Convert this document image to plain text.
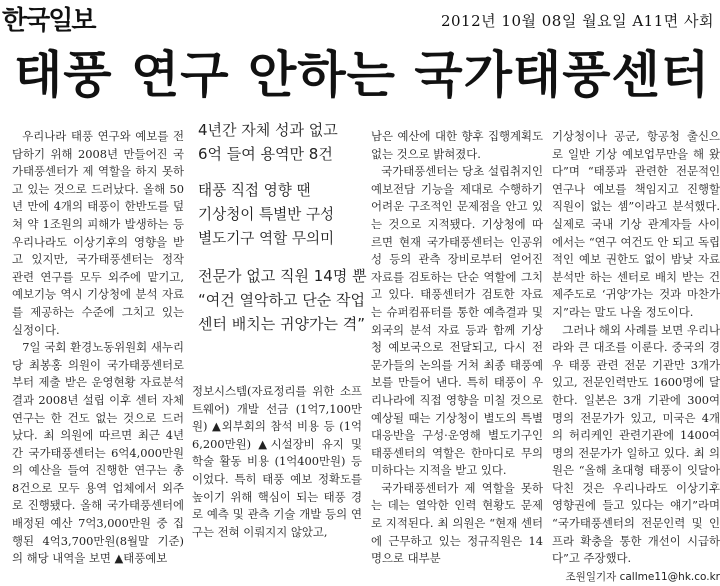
한국일보	2012년 10월 08일 월요일 A11면 사회
태풍 연구 안하는 국가태풍센터

우리나라 태풍 연구와 예보를 전담하기 위해 2008년 만들어진 국가태풍센터가 제 역할을 하지 못하고 있는 것으로 드러났다. 올해 50년 만에 4개의 태풍이 한반도를 덮쳐 약 1조원의 피해가 발생하는 등 우리나라도 이상기후의 영향을 받고 있지만, 국가태풍센터는 정작 관련 연구를 모두 외주에 맡기고, 예보기능 역시 기상청에 분석 자료를 제공하는 수준에 그치고 있는 실정이다.

7일 국회 환경노동위원회 새누리당 최봉홍 의원이 국가태풍센터로부터 제출 받은 운영현황 자료분석결과 2008년 설립 이후 센터 자체 연구는 한 건도 없는 것으로 드러났다. 최 의원에 따르면 최근 4년간 국가태풍센터는 6억4,000만원의 예산을 들여 진행한 연구는 총 8건으로 모두 용역 업체에서 외주로 진행됐다. 올해 국가태풍센터에 배정된 예산 7억3,000만원 중 집행된 4억3,700만원(8월말 기준)의 해당 내역을 보면 ▲태풍예보

4년간 자체 성과 없고
6억 들여 용역만 8건
태풍 직접 영향 땐
기상청이 특별반 구성
별도기구 역할 무의미
전문가 없고 직원 14명 뿐
“여건 열악하고 단순 작업
센터 배치는 귀양가는 격”

정보시스템(자료정리를 위한 소프트웨어) 개발 선금 (1억7,100만원) ▲외부회의 참석 비용 등 (1억6,200만원) ▲시설장비 유지 및 학술 활동 비용 (1억400만원) 등 이었다. 특히 태풍 예보 정확도를 높이기 위해 핵심이 되는 태풍 경로 예측 및 관측 기술 개발 등의 연구는 전혀 이뤄지지 않았고,

남은 예산에 대한 향후 집행계획도 없는 것으로 밝혀졌다.

국가태풍센터는 당초 설립취지인 예보전담 기능을 제대로 수행하기 어려운 구조적인 문제점을 안고 있는 것으로 지적됐다. 기상청에 따르면 현재 국가태풍센터는 인공위성 등의 관측 장비로부터 얻어진 자료를 검토하는 단순 역할에 그치고 있다. 태풍센터가 검토한 자료는 슈퍼컴퓨터를 통한 예측결과 및 외국의 분석 자료 등과 함께 기상청 예보국으로 전달되고, 다시 전문가들의 논의를 거쳐 최종 태풍예보를 만들어 낸다. 특히 태풍이 우리나라에 직접 영향을 미칠 것으로 예상될 때는 기상청이 별도의 특별대응반을 구성·운영해 별도기구인 태풍센터의 역할은 한마디로 무의미하다는 지적을 받고 있다.

국가태풍센터가 제 역할을 못하는 데는 열악한 인력 현황도 문제로 지적된다. 최 의원은 “현재 센터에 근무하고 있는 정규직원은 14명으로 대부분

기상청이나 공군, 항공청 출신으로 일반 기상 예보업무만을 해 왔다”며 “태풍과 관련한 전문적인 연구나 예보를 책임지고 진행할 직원이 없는 셈”이라고 분석했다. 실제로 국내 기상 관계자들 사이에서는 “연구 여건도 안 되고 독립적인 예보 권한도 없이 밤낮 자료 분석만 하는 센터로 배치 받는 건 제주도로 ‘귀양’가는 것과 마찬가지”라는 말도 나올 정도이다.

그러나 해외 사례를 보면 우리나라와 큰 대조를 이룬다. 중국의 경우 태풍 관련 전문 기관만 3개가 있고, 전문인력만도 1600명에 달한다. 일본은 3개 기관에 300여명의 전문가가 있고, 미국은 4개의 허리케인 관련기관에 1400여명의 전문가가 일하고 있다. 최 의원은 “올해 초대형 태풍이 잇달아 닥친 것은 우리나라도 이상기후 영향권에 들고 있다는 얘기”라며 “국가태풍센터의 전문인력 및 인프라 확충을 통한 개선이 시급하다”고 주장했다.

조원일기자 callme11@hk.co.kr
